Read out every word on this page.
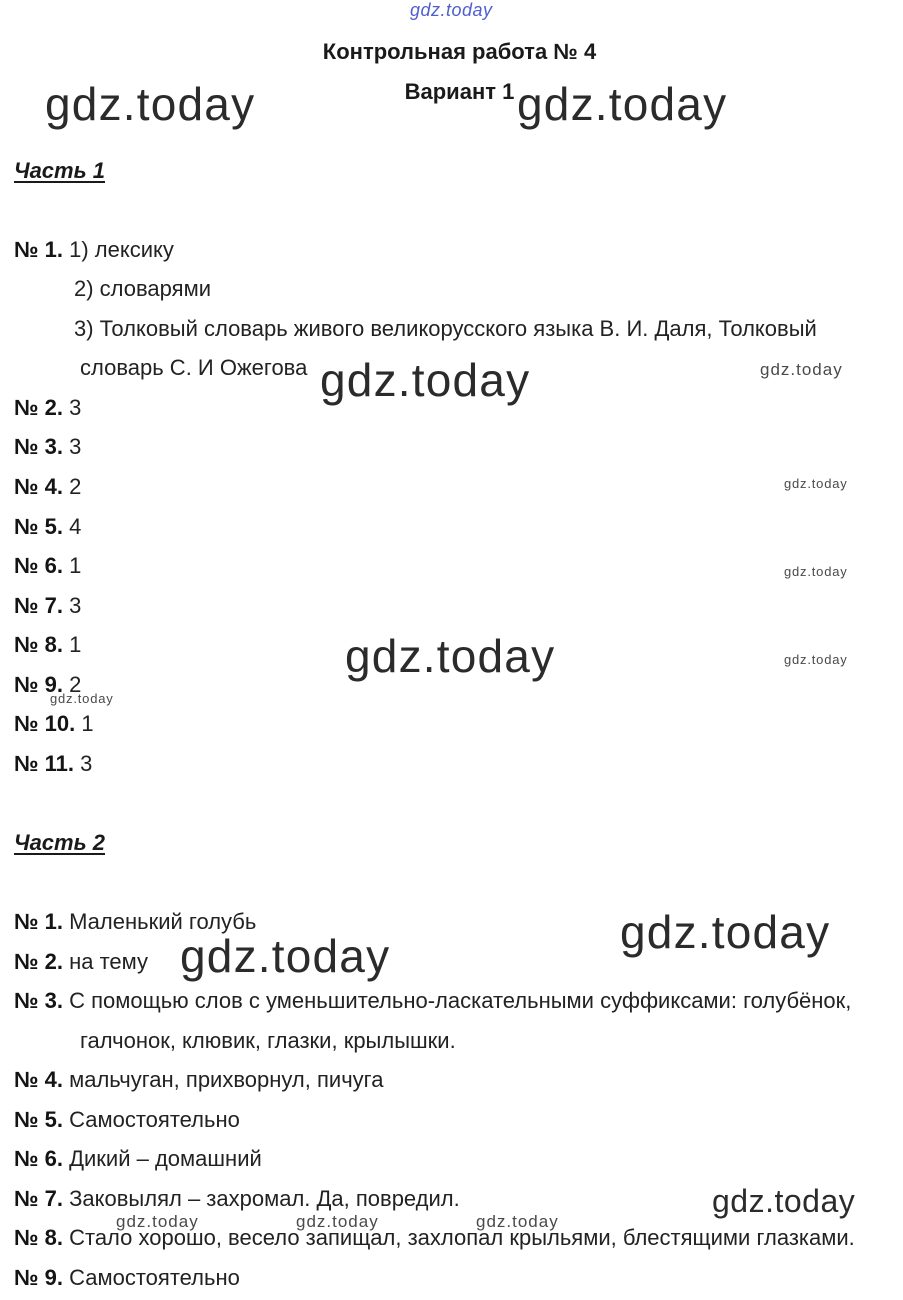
Контрольная работа № 4
Вариант 1
Часть 1
№ 1. 1) лексику
2) словарями
3) Толковый словарь живого великорусского языка В. И. Даля, Толковый
словарь С. И Ожегова
№ 2. 3
№ 3. 3
№ 4. 2
№ 5. 4
№ 6. 1
№ 7. 3
№ 8. 1
№ 9. 2
№ 10. 1
№ 11. 3
Часть 2
№ 1. Маленький голубь
№ 2. на тему
№ 3. С помощью слов с уменьшительно-ласкательными суффиксами: голубёнок,
галчонок, клювик, глазки, крылышки.
№ 4. мальчуган, прихворнул, пичуга
№ 5. Самостоятельно
№ 6. Дикий – домашний
№ 7. Заковылял – захромал. Да, повредил.
№ 8. Стало хорошо, весело запищал, захлопал крыльями, блестящими глазками.
№ 9. Самостоятельно
gdz.today
gdz.today	gdz.today
gdz.today
gdz.today
gdz.today
gdz.today
gdz.today
gdz.today
gdz.today
gdz.today
gdz.today
gdz.today
gdz.today	gdz.today	gdz.today
